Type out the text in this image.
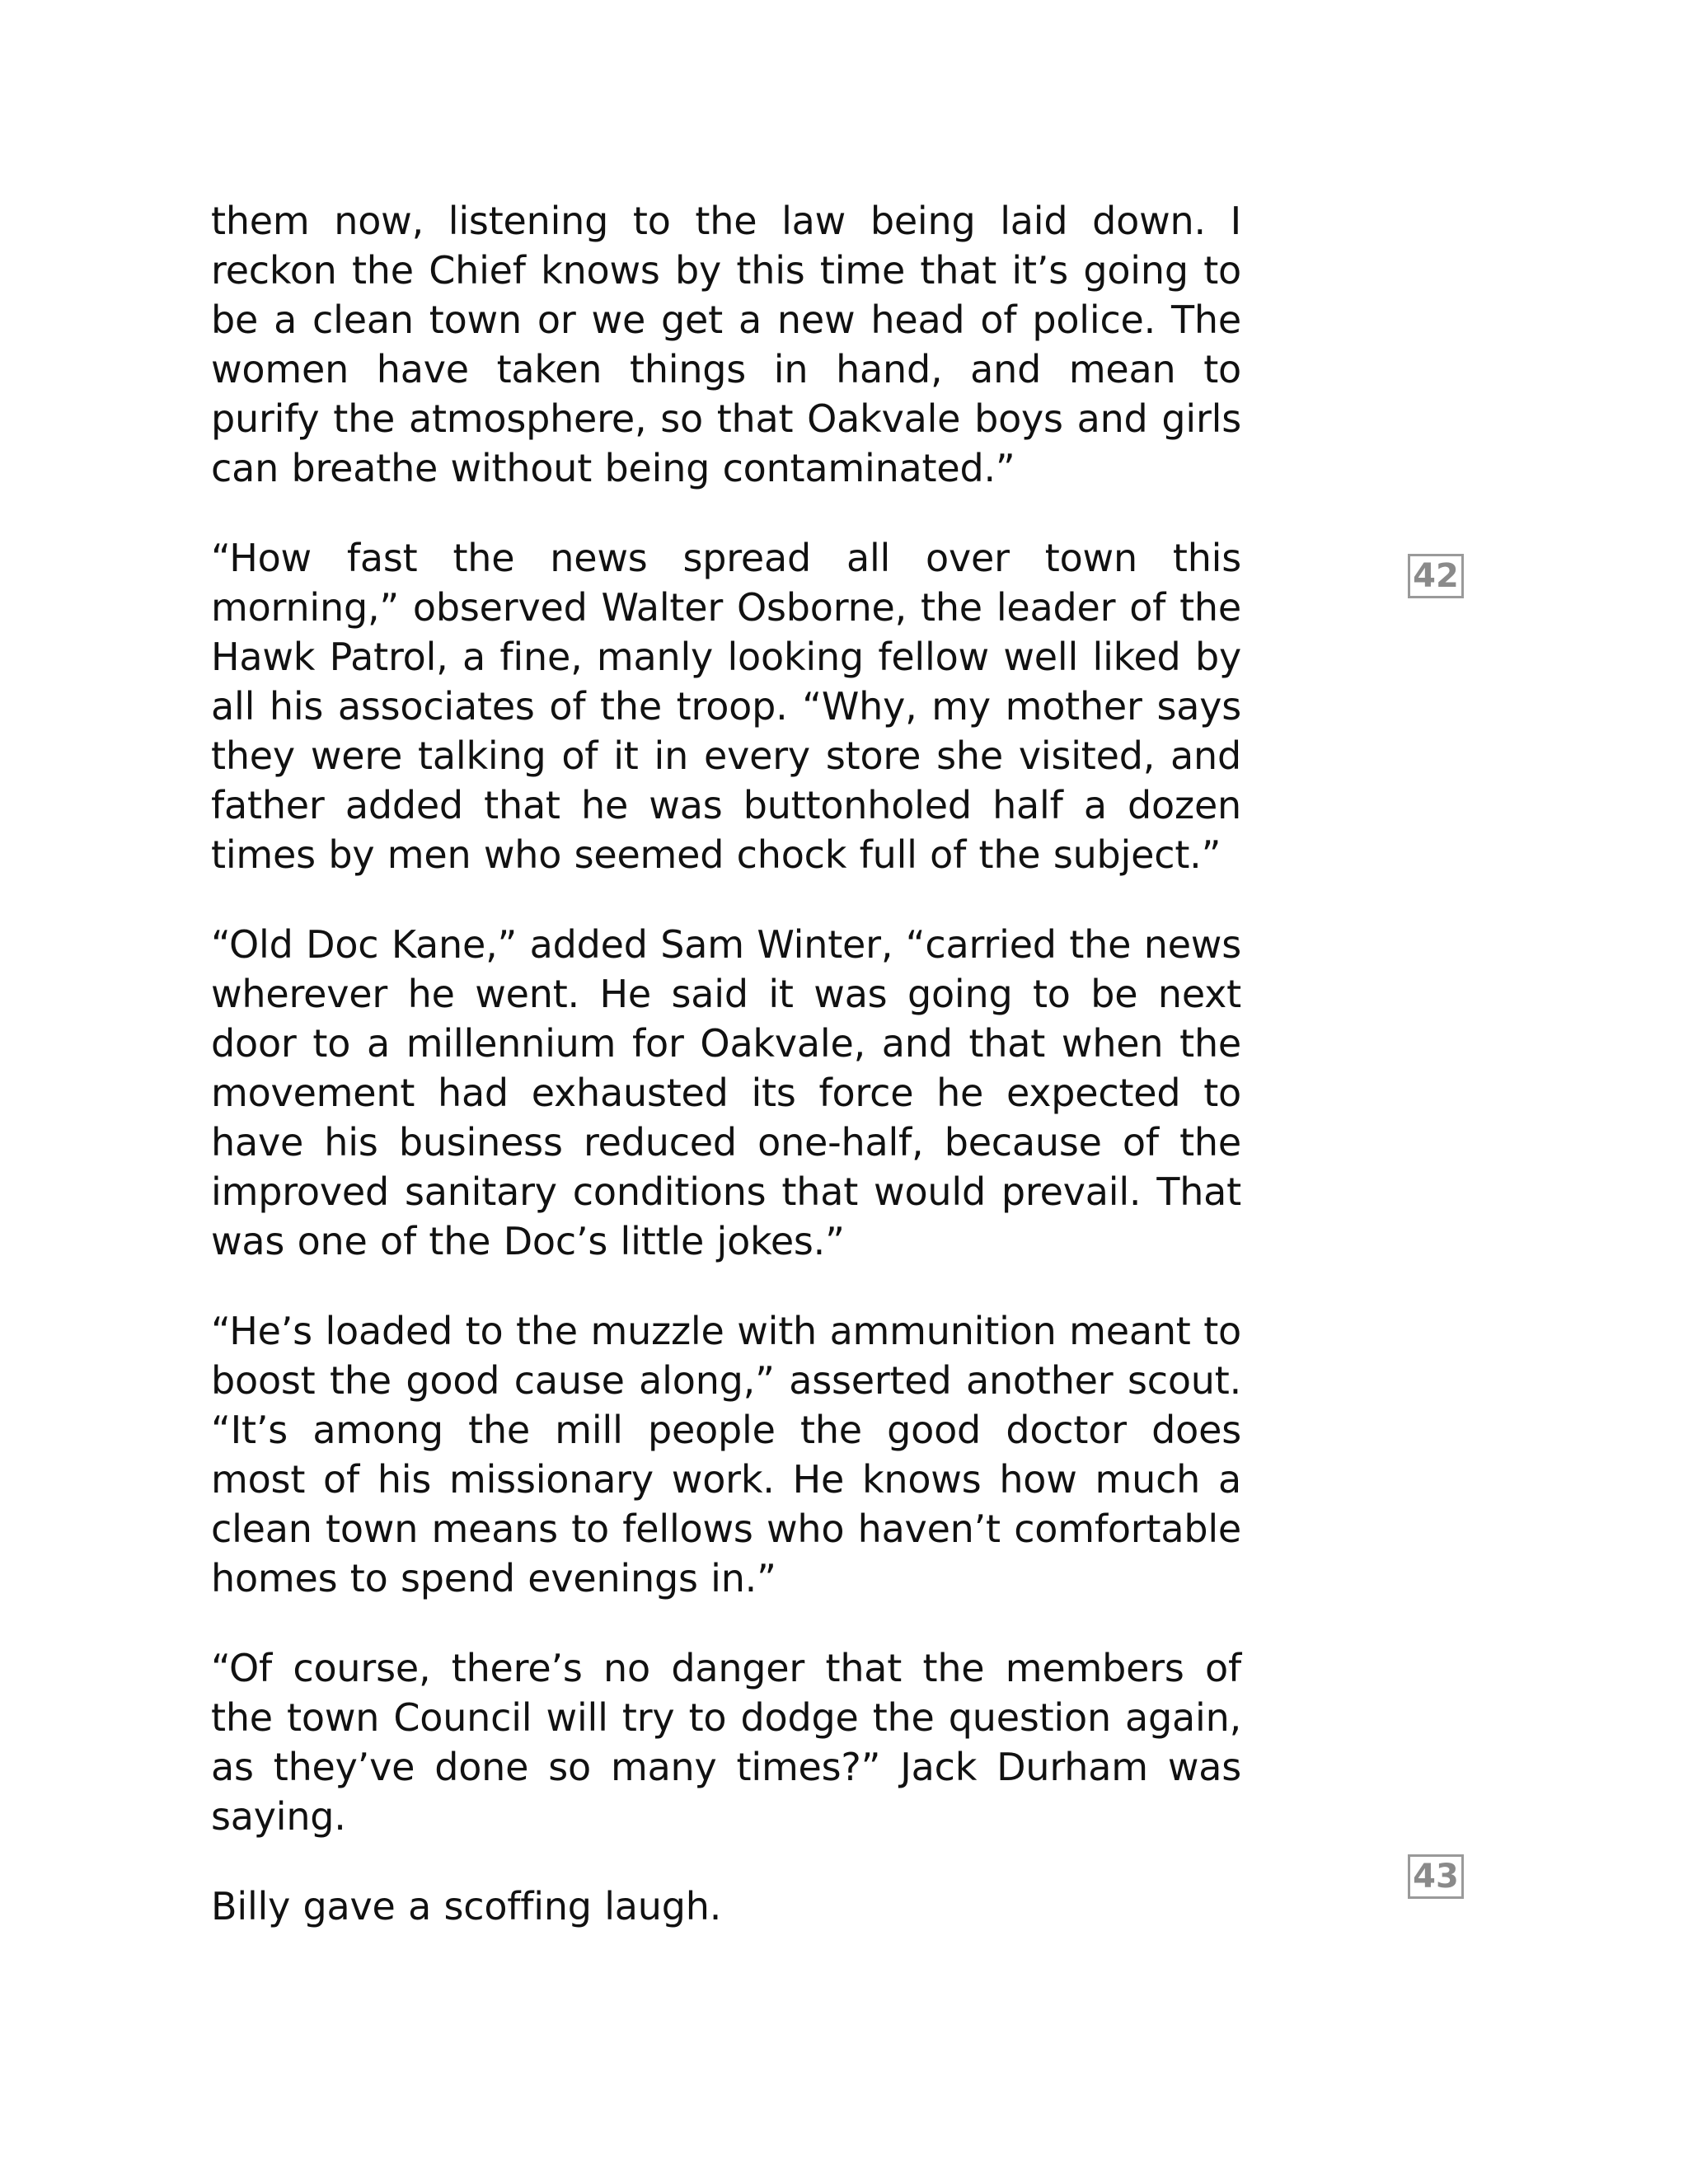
them now, listening to the law being laid down. I reckon the Chief knows by this time that it’s going to be a clean town or we get a new head of police. The women have taken things in hand, and mean to purify the atmosphere, so that Oakvale boys and girls can breathe without being contaminated.”

“How fast the news spread all over town this morning,” observed Walter Osborne, the leader of the Hawk Patrol, a fine, manly looking fellow well liked by all his associates of the troop. “Why, my mother says they were talking of it in every store she visited, and father added that he was buttonholed half a dozen times by men who seemed chock full of the subject.”

“Old Doc Kane,” added Sam Winter, “carried the news wherever he went. He said it was going to be next door to a millennium for Oakvale, and that when the movement had exhausted its force he expected to have his business reduced one-half, because of the improved sanitary conditions that would prevail. That was one of the Doc’s little jokes.”

“He’s loaded to the muzzle with ammunition meant to boost the good cause along,” asserted another scout. “It’s among the mill people the good doctor does most of his missionary work. He knows how much a clean town means to fellows who haven’t comfortable homes to spend evenings in.”

“Of course, there’s no danger that the members of the town Council will try to dodge the question again, as they’ve done so many times?” Jack Durham was saying.

Billy gave a scoffing laugh.

42
43
